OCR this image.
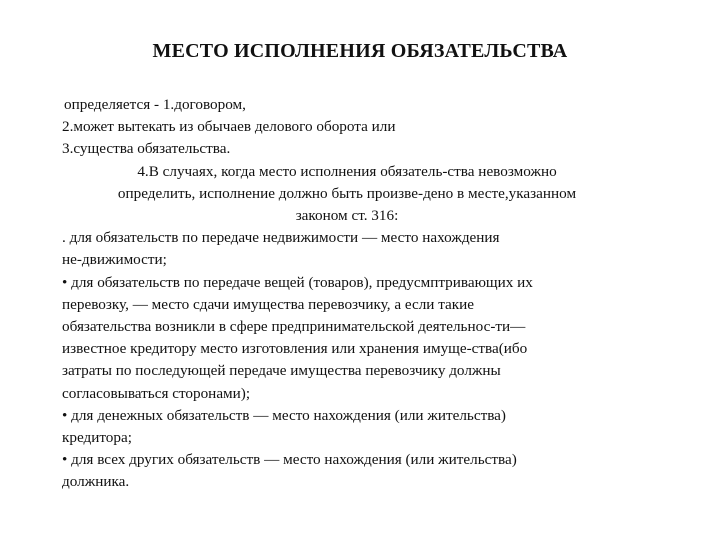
МЕСТО ИСПОЛНЕНИЯ ОБЯЗАТЕЛЬСТВА
определяется - 1.договором,
2.может вытекать из обычаев делового оборота или
3.существа обязательства.
4.В случаях, когда место исполнения обязатель-ства невозможно
определить, исполнение должно быть произве-дено в месте,указанном
законом ст. 316:
. для обязательств по передаче недвижимости — место нахождения
не-движимости;
• для обязательств по передаче вещей (товаров), предусмптривающих их
перевозку, — место сдачи имущества перевозчику, а если такие
обязательства возникли в сфере предпринимательской деятельнос-ти—
известное кредитору место изготовления или хранения имуще-ства(ибо
затраты по последующей передаче имущества перевозчику должны
согласовываться сторонами);
• для денежных обязательств — место нахождения (или жительства)
кредитора;
• для всех других обязательств — место нахождения (или жительства)
должника.
